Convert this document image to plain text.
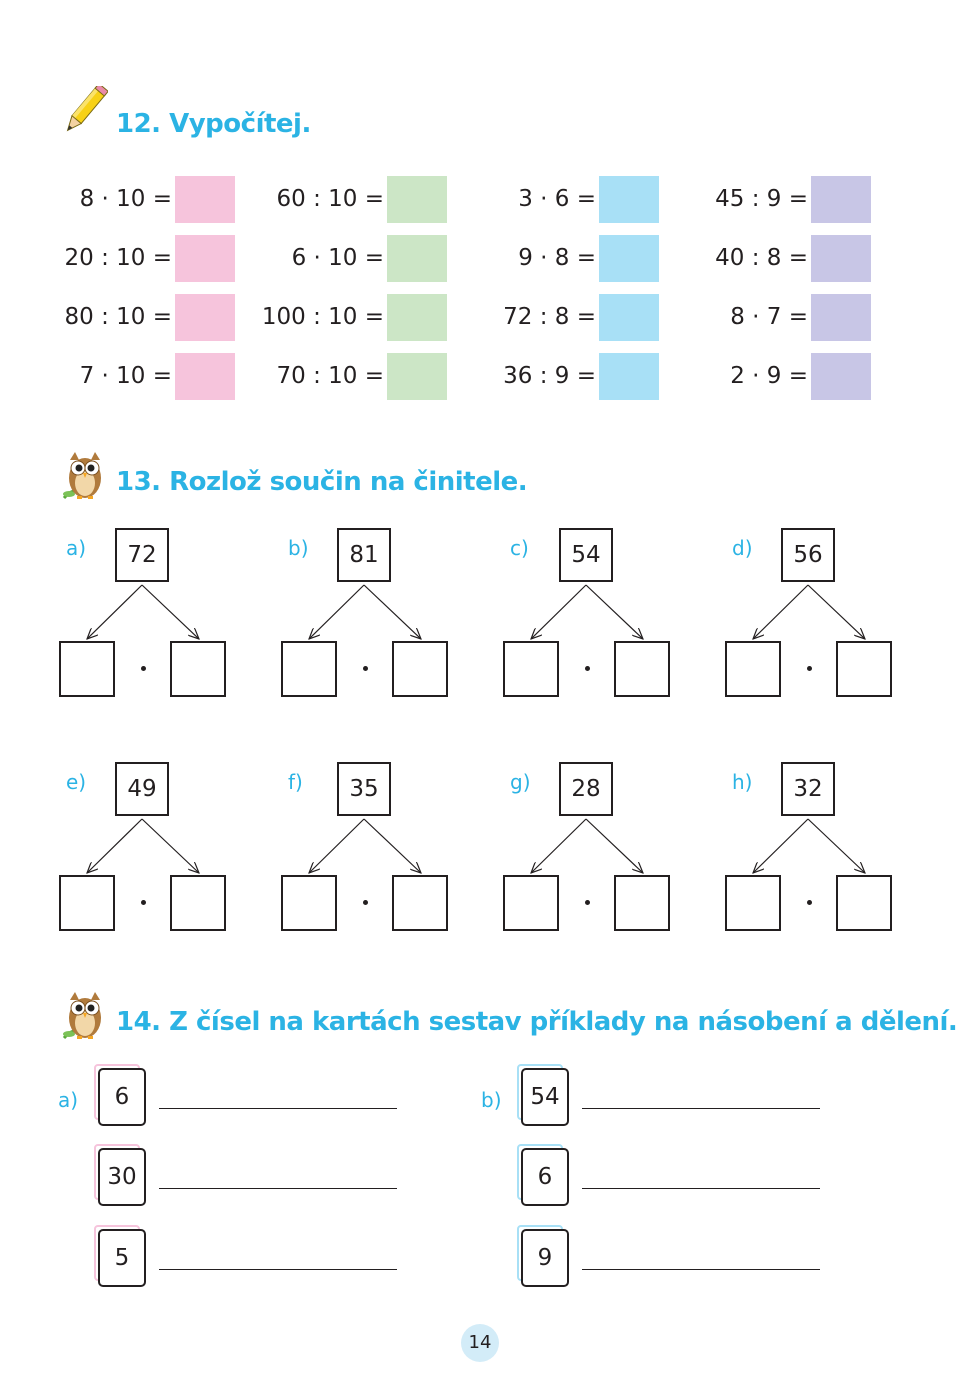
12. Vypočítej.
8 · 10 =
20 : 10 =
80 : 10 =
7 · 10 =
60 : 10 =
6 · 10 =
100 : 10 =
70 : 10 =
3 · 6 =
9 · 8 =
72 : 8 =
36 : 9 =
45 : 9 =
40 : 8 =
8 · 7 =
2 · 9 =
13. Rozlož součin na činitele.
a)	72	b)	81	c)	54	d)	56
e)	49	f)	35	g)	28	h)	32
14. Z čísel na kartách sestav příklady na násobení a dělení.
a)	6
30
5
b)	54
6
9
14
